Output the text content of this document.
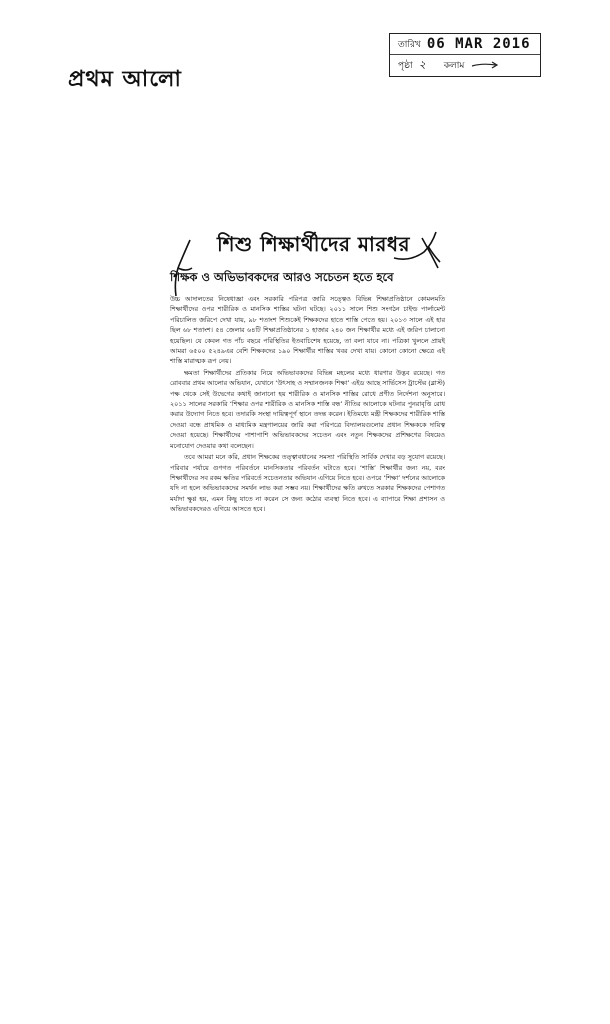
প্রথম আলো
তারিখ 06 MAR 2016
পৃষ্ঠা ২ কলাম
শিশু শিক্ষার্থীদের মারধর
শিক্ষক ও অভিভাবকদের আরও সচেতন হতে হবে

উচ্চ আদালতের নিষেধাজ্ঞা এবং সরকারি পরিপত্র জারি সত্ত্বেও বিভিন্ন শিক্ষাপ্রতিষ্ঠানে কোমলমতি শিক্ষার্থীদের ওপর শারীরিক ও মানসিক শাস্তির ঘটনা ঘটছে। ২০১১ সালে শিশু সংগঠন চাইল্ড পার্লামেন্ট পরিচালিত জরিপে দেখা যায়, ৯৮ শতাংশ শিশুকেই শিক্ষকদের হাতে শাস্তি পেতে হয়। ২০১৩ সালে এই হার ছিল ৬৮ শতাংশ। ৫৪ জেলার ৬৪টি শিক্ষাপ্রতিষ্ঠানের ১ হাজার ২৪০ জন শিক্ষার্থীর মধ্যে এই জরিপ চালানো হয়েছিল। যে কেবল গত পাঁচ বছরে পরিস্থিতির ইতবাচিশেষ হয়েছে, তা বলা যাবে না। পত্রিকা খুললে প্রায়ই আমরা ৬৫০০ ৫২৪৯এর বেশি শিক্ষকদের ১৯০ শিক্ষার্থীর শাস্তির খবর দেখা যায়। কোনো কোনো ক্ষেত্রে এই শাস্তি মারাত্মক রূপ নেয়।

ক্ষমতা শিক্ষার্থীদের প্রতিকার নিয়ে অভিভাবকদের বিভিন্ন মহলের মধ্যে ধারণার উদ্ভব রয়েছে। গত রোববার প্রথম আলোর অভিযান, যেখানে ‘উৎসাহ ও সম্মানজনক শিক্ষা’ এইড আছে সার্ভিসেস ট্রাস্টের (ব্লাস্ট) পক্ষ থেকে সেই উদ্বেগের কথাই জানানো হয় শারীরিক ও মানসিক শাস্তির রোধে প্রণীত নির্দেশনা অনুসারে। ২০১১ সালের সরকারি ‘শিক্ষার ওপর শারীরিক ও মানসিক শাস্তি বন্ধ’ নীতির আলোকে ঘটনার পুনরাবৃত্তি রোধ করার উদ্যোগ নিতে হবে। তদারকি সংস্থা দায়িত্বপূর্ণ স্থানে তদন্ত করেন। ইতিমধ্যে মন্ত্রী শিক্ষকদের শারীরিক শাস্তি দেওয়া বন্ধে প্রাথমিক ও মাধ্যমিক মন্ত্রণালয়ের জারি করা পরিপত্রে বিদ্যালয়গুলোর প্রধান শিক্ষককে দায়িত্ব দেওয়া হয়েছে। শিক্ষার্থীদের পাশাপাশি অভিভাবকদের সচেতন এবং নতুন শিক্ষকদের প্রশিক্ষণের বিষয়েও মনোযোগ দেওয়ার কথা বলেছেন।

তবে আমরা মনে করি, প্রধান শিক্ষকের তত্ত্বাবধানের সমস্যা পরিস্থিতি সার্বিক দেখার বড় সুযোগ রয়েছে। পরিবার পর্যায়ে গুণগত পরিবর্তনে মানসিকতার পরিবর্তন ঘটাতে হবে। ‘শাস্তি’ শিক্ষার্থীর জন্য নয়, বরং শিক্ষার্থীদের সব রকম ক্ষতির পরিবর্তে সচেতনতার অভিযান এগিয়ে নিতে হবে। ওপরে ‘শিক্ষা’ দর্শনের আলোকে যদি না হলে অভিভাবকদের সমর্থন লাভ করা সম্ভব নয়। শিক্ষার্থীদের ক্ষতি রুখতে সরকার শিক্ষকদের পেশাগত মর্যাদা ক্ষুণ্ণ হয়, এমন কিছু যাতে না করেন সে জন্য কঠোর ব্যবস্থা নিতে হবে। এ ব্যাপারে শিক্ষা প্রশাসন ও অভিভাবকদেরও এগিয়ে আসতে হবে।
